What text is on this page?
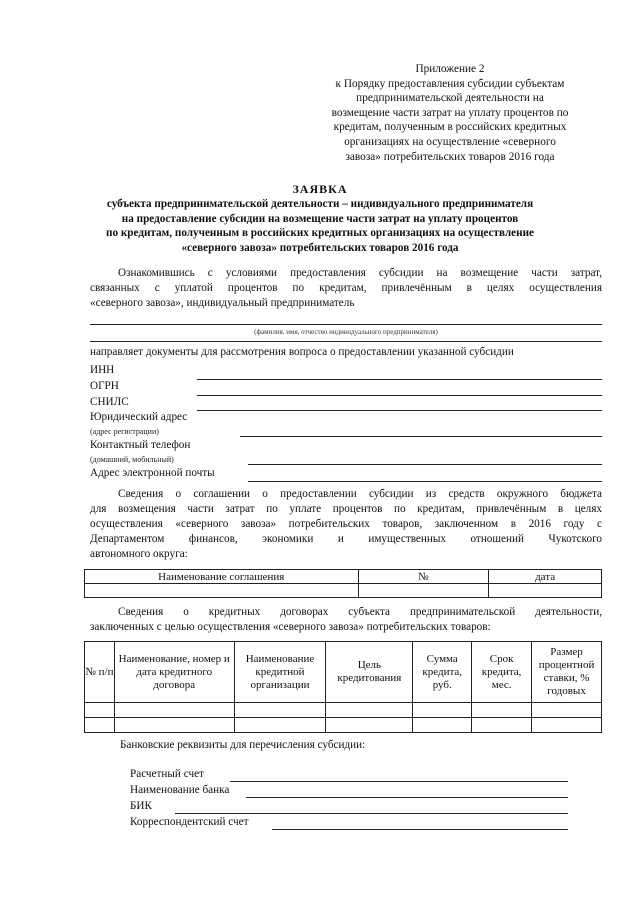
Приложение 2
к Порядку предоставления субсидии субъектам
предпринимательской деятельности на
возмещение части затрат на уплату процентов по
кредитам, полученным в российских кредитных
организациях на осуществление «северного
завоза» потребительских товаров 2016 года
ЗАЯВКА
субъекта предпринимательской деятельности – индивидуального предпринимателя
на предоставление субсидии на возмещение части затрат на уплату процентов
по кредитам, полученным в российских кредитных организациях на осуществление
«северного завоза» потребительских товаров 2016 года
Ознакомившись с условиями предоставления субсидии на возмещение части затрат,
связанных с уплатой процентов по кредитам, привлечённым в целях осуществления
«северного завоза», индивидуальный предприниматель
(фамилия, имя, отчество индивидуального предпринимателя)
направляет документы для рассмотрения вопроса о предоставлении указанной субсидии
ИНН
ОГРН
СНИЛС
Юридический адрес
(адрес регистрации)
Контактный телефон
(домашний, мобильный)
Адрес электронной почты
Сведения о соглашении о предоставлении субсидии из средств окружного бюджета
для возмещения части затрат по уплате процентов по кредитам, привлечённым в целях
осуществления «северного завоза» потребительских товаров, заключенном в 2016 году с
Департаментом финансов, экономики и имущественных отношений Чукотского
автономного округа:
Наименование соглашения	№	дата

Сведения о кредитных договорах субъекта предпринимательской деятельности,
заключенных с целью осуществления «северного завоза» потребительских товаров:
№ п/п	Наименование, номер и дата кредитного договора	Наименование кредитной организации	Цель кредитования	Сумма кредита, руб.	Срок кредита, мес.	Размер процентной ставки, % годовых

Банковские реквизиты для перечисления субсидии:
Расчетный счет
Наименование банка
БИК
Корреспондентский счет
